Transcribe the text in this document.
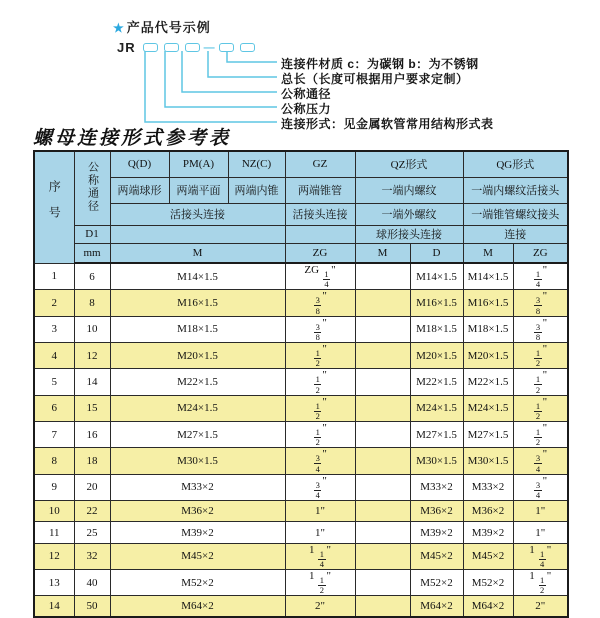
★ 产品代号示例
JR	—
连接件材质 c：为碳钢 b：为不锈钢
总长（长度可根据用户要求定制）
公称通径
公称压力
连接形式：见金属软管常用结构形式表
螺母连接形式参考表
序号	公称通径	Q(D)	PM(A)	NZ(C)	GZ	QZ形式		QG形式	
		两端球形	两端平面	两端内锥	两端锥管	一端内螺纹		一端内螺纹活接头	
		活接头连接			活接头连接	一端外螺纹		一端锥管螺纹接头	
	D1					球形接头连接		连接	
	mm	M			ZG	M	D	M	ZG
1	6	M14×1.5			ZG $\frac{1}{4}$ "		M14×1.5	M14×1.5	$\frac{1}{4}$ "
2	8	M16×1.5			$\frac{3}{8}$ "		M16×1.5	M16×1.5	$\frac{3}{8}$ "
3	10	M18×1.5			$\frac{3}{8}$ "		M18×1.5	M18×1.5	$\frac{3}{8}$ "
4	12	M20×1.5			$\frac{1}{2}$ "		M20×1.5	M20×1.5	$\frac{1}{2}$ "
5	14	M22×1.5			$\frac{1}{2}$ "		M22×1.5	M22×1.5	$\frac{1}{2}$ "
6	15	M24×1.5			$\frac{1}{2}$ "		M24×1.5	M24×1.5	$\frac{1}{2}$ "
7	16	M27×1.5			$\frac{1}{2}$ "		M27×1.5	M27×1.5	$\frac{1}{2}$ "
8	18	M30×1.5			$\frac{3}{4}$ "		M30×1.5	M30×1.5	$\frac{3}{4}$ "
9	20	M33×2			$\frac{3}{4}$ "		M33×2	M33×2	$\frac{3}{4}$ "
10	22	M36×2			1"		M36×2	M36×2	1"
11	25	M39×2			1"		M39×2	M39×2	1"
12	32	M45×2			$1 \frac{1}{4}$ "		M45×2	M45×2	$1 \frac{1}{4}$ "
13	40	M52×2			$1 \frac{1}{2}$ "		M52×2	M52×2	$1 \frac{1}{2}$ "
14	50	M64×2			2"		M64×2	M64×2	2"
